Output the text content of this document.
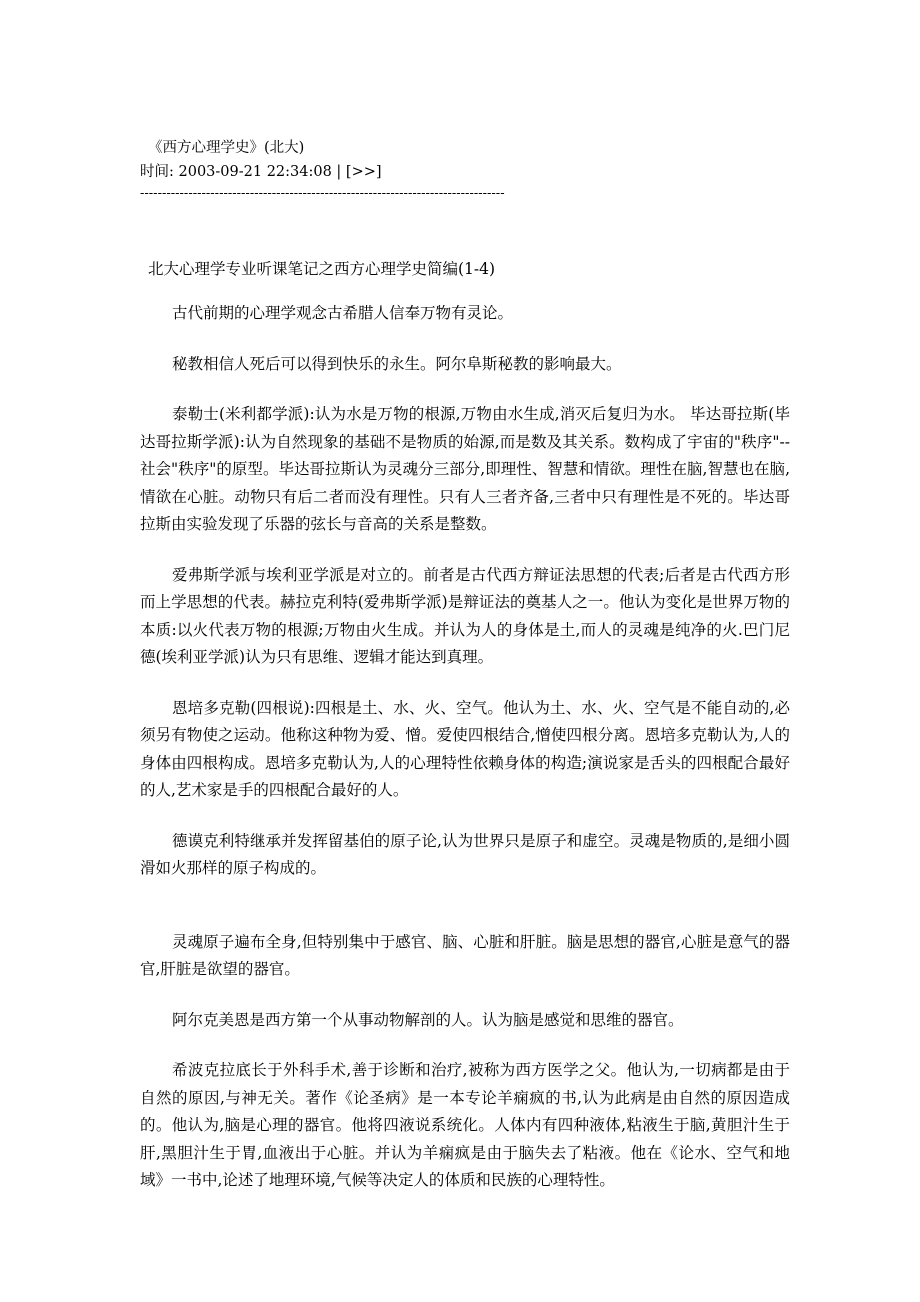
《西方心理学史》(北大)
时间: 2003-09-21 22:34:08 | [>>]
-----------------------------------------------------------------------------------
北大心理学专业听课笔记之西方心理学史简编(1-4)

古代前期的心理学观念古希腊人信奉万物有灵论。

秘教相信人死后可以得到快乐的永生。阿尔阜斯秘教的影响最大。

泰勒士(米利都学派):认为水是万物的根源,万物由水生成,消灭后复归为水。 毕达哥拉斯(毕达哥拉斯学派):认为自然现象的基础不是物质的始源,而是数及其关系。数构成了宇宙的"秩序"--社会"秩序"的原型。毕达哥拉斯认为灵魂分三部分,即理性、智慧和情欲。理性在脑,智慧也在脑,情欲在心脏。动物只有后二者而没有理性。只有人三者齐备,三者中只有理性是不死的。毕达哥拉斯由实验发现了乐器的弦长与音高的关系是整数。

爱弗斯学派与埃利亚学派是对立的。前者是古代西方辩证法思想的代表;后者是古代西方形而上学思想的代表。赫拉克利特(爱弗斯学派)是辩证法的奠基人之一。他认为变化是世界万物的本质:以火代表万物的根源;万物由火生成。并认为人的身体是土,而人的灵魂是纯净的火.巴门尼德(埃利亚学派)认为只有思维、逻辑才能达到真理。

恩培多克勒(四根说):四根是土、水、火、空气。他认为土、水、火、空气是不能自动的,必须另有物使之运动。他称这种物为爱、憎。爱使四根结合,憎使四根分离。恩培多克勒认为,人的身体由四根构成。恩培多克勒认为,人的心理特性依赖身体的构造;演说家是舌头的四根配合最好的人,艺术家是手的四根配合最好的人。

德谟克利特继承并发挥留基伯的原子论,认为世界只是原子和虚空。灵魂是物质的,是细小圆滑如火那样的原子构成的。

灵魂原子遍布全身,但特别集中于感官、脑、心脏和肝脏。脑是思想的器官,心脏是意气的器官,肝脏是欲望的器官。

阿尔克美恩是西方第一个从事动物解剖的人。认为脑是感觉和思维的器官。

希波克拉底长于外科手术,善于诊断和治疗,被称为西方医学之父。他认为,一切病都是由于自然的原因,与神无关。著作《论圣病》是一本专论羊痫疯的书,认为此病是由自然的原因造成的。他认为,脑是心理的器官。他将四液说系统化。人体内有四种液体,粘液生于脑,黄胆汁生于肝,黑胆汁生于胃,血液出于心脏。并认为羊痫疯是由于脑失去了粘液。他在《论水、空气和地域》一书中,论述了地理环境,气候等决定人的体质和民族的心理特性。
